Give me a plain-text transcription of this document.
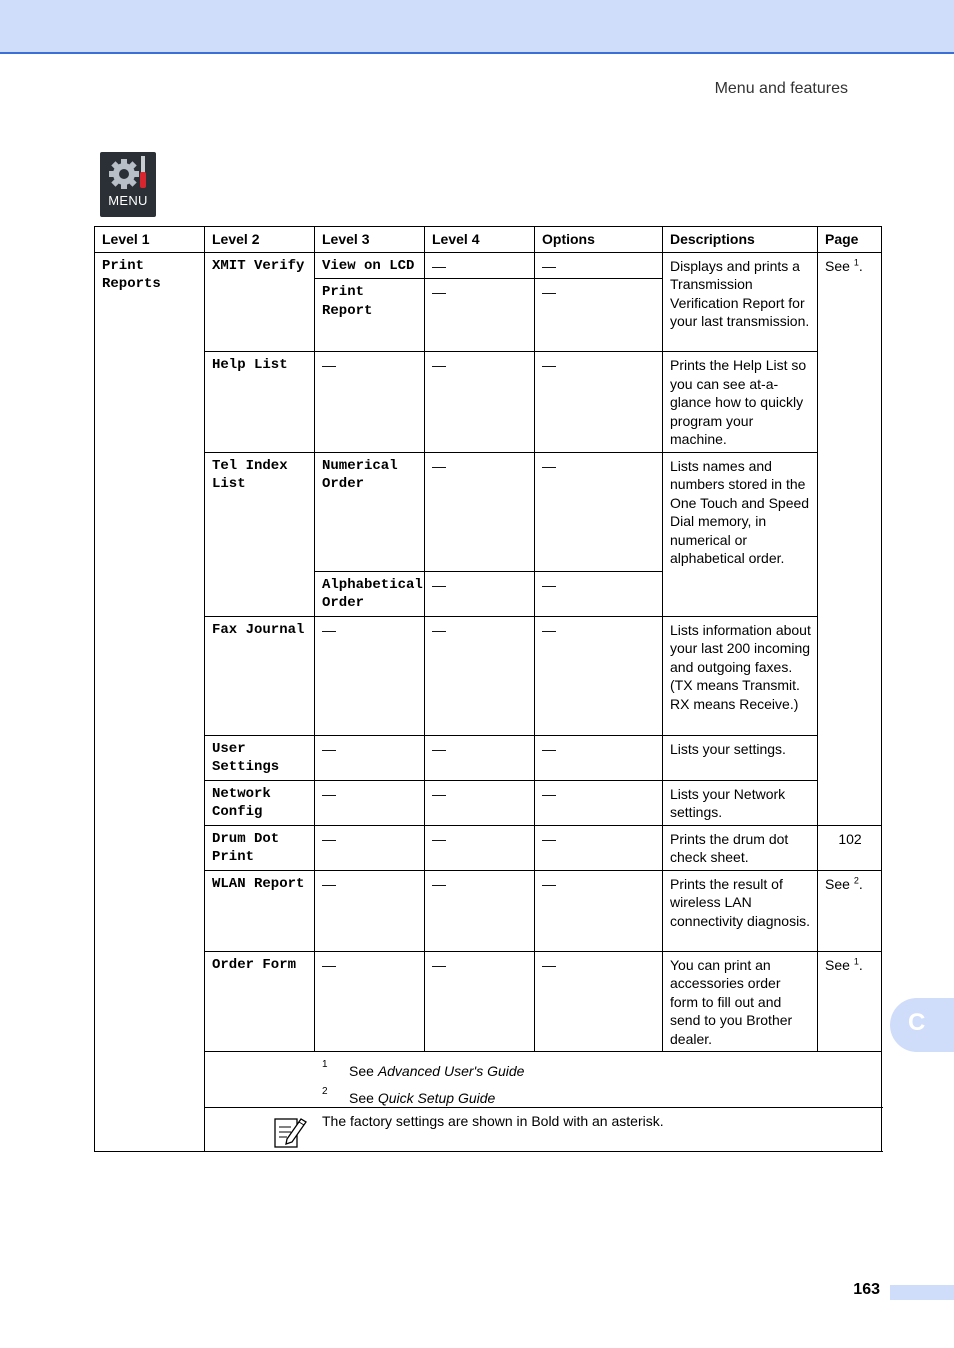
Menu and features
MENU
Level 1	Level 2	Level 3	Level 4	Options	Descriptions	Page
Print Reports	XMIT Verify	View on LCD	—	—	Displays and prints a Transmission Verification Report for your last transmission.	See $^1$.
		Print Report	—	—		
	Help List	—	—	—	Prints the Help List so you can see at-a-glance how to quickly program your machine.	
	Tel Index List	Numerical Order	—	—	Lists names and numbers stored in the One Touch and Speed Dial memory, in numerical or alphabetical order.	
		Alphabetical Order	—	—		
	Fax Journal	—	—	—	Lists information about your last 200 incoming and outgoing faxes. (TX means Transmit. RX means Receive.)	
	User Settings	—	—	—	Lists your settings.	
	Network Config	—	—	—	Lists your Network settings.	
	Drum Dot Print	—	—	—	Prints the drum dot check sheet.	102
	WLAN Report	—	—	—	Prints the result of wireless LAN connectivity diagnosis.	See $^2$.
	Order Form	—	—	—	You can print an accessories order form to fill out and send to you Brother dealer.	See $^1$.

	1 See Advanced User's Guide
2 See Quick Setup Guide					

	The factory settings are shown in Bold with an asterisk.					
C
163
